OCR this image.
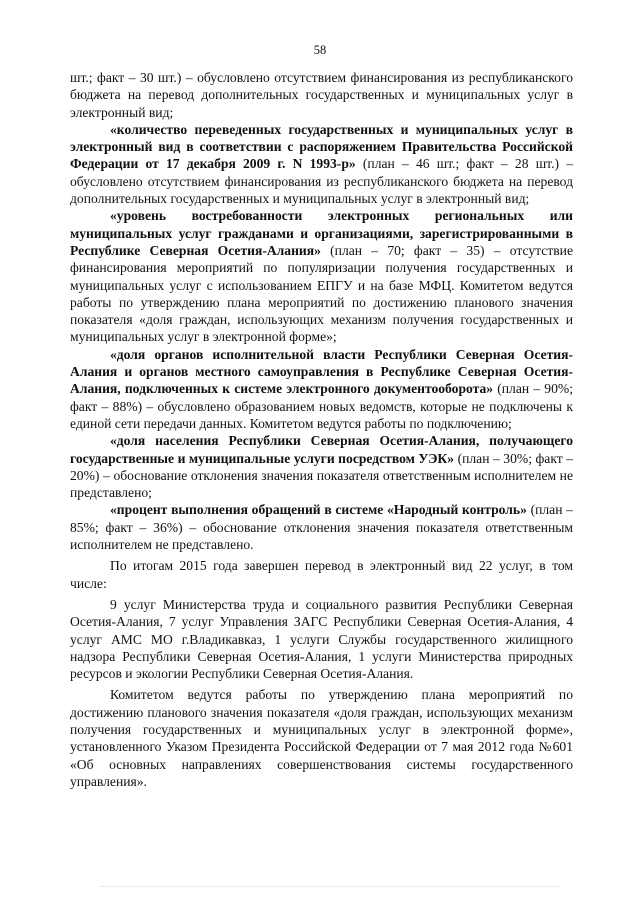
58

шт.; факт – 30 шт.) – обусловлено отсутствием финансирования из республиканского бюджета на перевод дополнительных государственных и муниципальных услуг в электронный вид;

«количество переведенных государственных и муниципальных услуг в электронный вид в соответствии с распоряжением Правительства Российской Федерации от 17 декабря 2009 г. N 1993-р» (план – 46 шт.; факт – 28 шт.) – обусловлено отсутствием финансирования из республиканского бюджета на перевод дополнительных государственных и муниципальных услуг в электронный вид;

«уровень востребованности электронных региональных или муниципальных услуг гражданами и организациями, зарегистрированными в Республике Северная Осетия-Алания» (план – 70; факт – 35) – отсутствие финансирования мероприятий по популяризации получения государственных и муниципальных услуг с использованием ЕПГУ и на базе МФЦ. Комитетом ведутся работы по утверждению плана мероприятий по достижению планового значения показателя «доля граждан, использующих механизм получения государственных и муниципальных услуг в электронной форме»;

«доля органов исполнительной власти Республики Северная Осетия-Алания и органов местного самоуправления в Республике Северная Осетия-Алания, подключенных к системе электронного документооборота» (план – 90%; факт – 88%) – обусловлено образованием новых ведомств, которые не подключены к единой сети передачи данных. Комитетом ведутся работы по подключению;

«доля населения Республики Северная Осетия-Алания, получающего государственные и муниципальные услуги посредством УЭК» (план – 30%; факт – 20%) – обоснование отклонения значения показателя ответственным исполнителем не представлено;

«процент выполнения обращений в системе «Народный контроль» (план – 85%; факт – 36%) – обоснование отклонения значения показателя ответственным исполнителем не представлено.

По итогам 2015 года завершен перевод в электронный вид 22 услуг, в том числе:

9 услуг Министерства труда и социального развития Республики Северная Осетия-Алания, 7 услуг Управления ЗАГС Республики Северная Осетия-Алания, 4 услуг АМС МО г.Владикавказ, 1 услуги Службы государственного жилищного надзора Республики Северная Осетия-Алания, 1 услуги Министерства природных ресурсов и экологии Республики Северная Осетия-Алания.

Комитетом ведутся работы по утверждению плана мероприятий по достижению планового значения показателя «доля граждан, использующих механизм получения государственных и муниципальных услуг в электронной форме», установленного Указом Президента Российской Федерации от 7 мая 2012 года №601 «Об основных направлениях совершенствования системы государственного управления».
